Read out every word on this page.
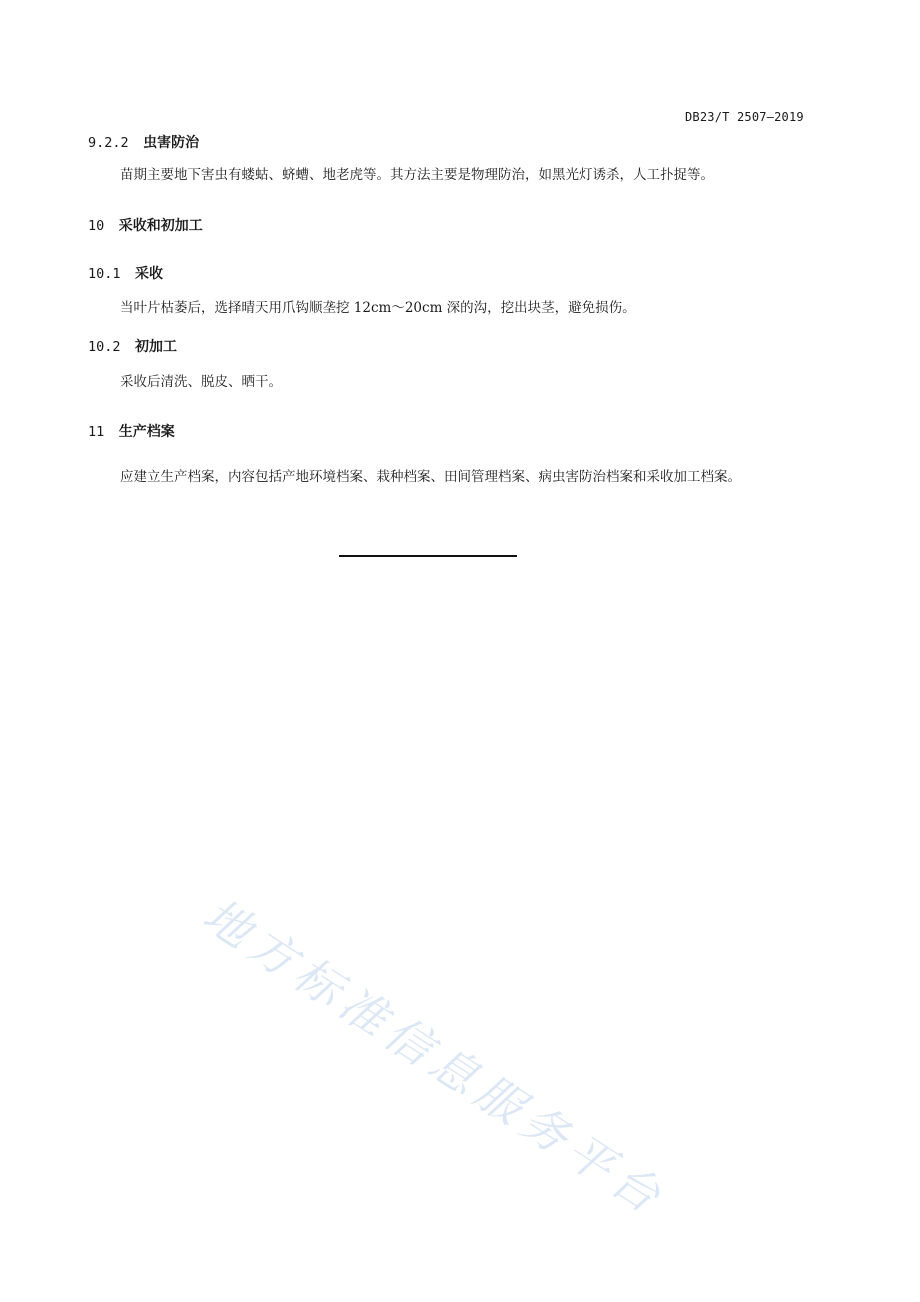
DB23/T 2507—2019
9.2.2 虫害防治
苗期主要地下害虫有蝼蛄、蛴螬、地老虎等。其方法主要是物理防治，如黑光灯诱杀，人工扑捉等。
10 采收和初加工
10.1 采收
当叶片枯萎后，选择晴天用爪钩顺垄挖 12cm～20cm 深的沟，挖出块茎，避免损伤。
10.2 初加工
采收后清洗、脱皮、晒干。
11 生产档案
应建立生产档案，内容包括产地环境档案、栽种档案、田间管理档案、病虫害防治档案和采收加工档案。
地方标准信息服务平台
